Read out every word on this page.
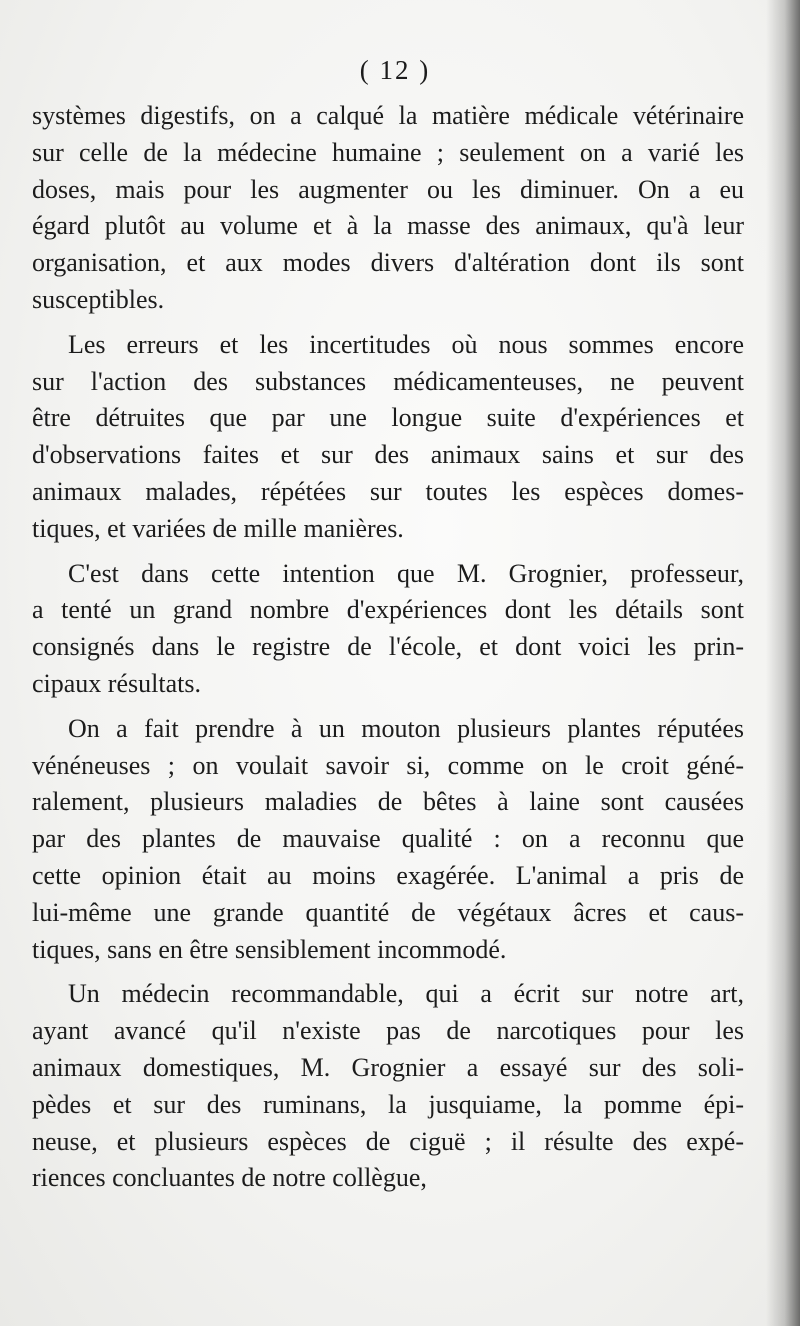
( 12 )
systèmes digestifs, on a calqué la matière médicale vétérinaire
sur celle de la médecine humaine ; seulement on a varié les
doses, mais pour les augmenter ou les diminuer. On a eu
égard plutôt au volume et à la masse des animaux, qu'à leur
organisation, et aux modes divers d'altération dont ils sont
susceptibles.
Les erreurs et les incertitudes où nous sommes encore
sur l'action des substances médicamenteuses, ne peuvent
être détruites que par une longue suite d'expériences et
d'observations faites et sur des animaux sains et sur des
animaux malades, répétées sur toutes les espèces domes-
tiques, et variées de mille manières.
C'est dans cette intention que M. Grognier, professeur,
a tenté un grand nombre d'expériences dont les détails sont
consignés dans le registre de l'école, et dont voici les prin-
cipaux résultats.
On a fait prendre à un mouton plusieurs plantes réputées
vénéneuses ; on voulait savoir si, comme on le croit géné-
ralement, plusieurs maladies de bêtes à laine sont causées
par des plantes de mauvaise qualité : on a reconnu que
cette opinion était au moins exagérée. L'animal a pris de
lui-même une grande quantité de végétaux âcres et caus-
tiques, sans en être sensiblement incommodé.
Un médecin recommandable, qui a écrit sur notre art,
ayant avancé qu'il n'existe pas de narcotiques pour les
animaux domestiques, M. Grognier a essayé sur des soli-
pèdes et sur des ruminans, la jusquiame, la pomme épi-
neuse, et plusieurs espèces de ciguë ; il résulte des expé-
riences concluantes de notre collègue,
